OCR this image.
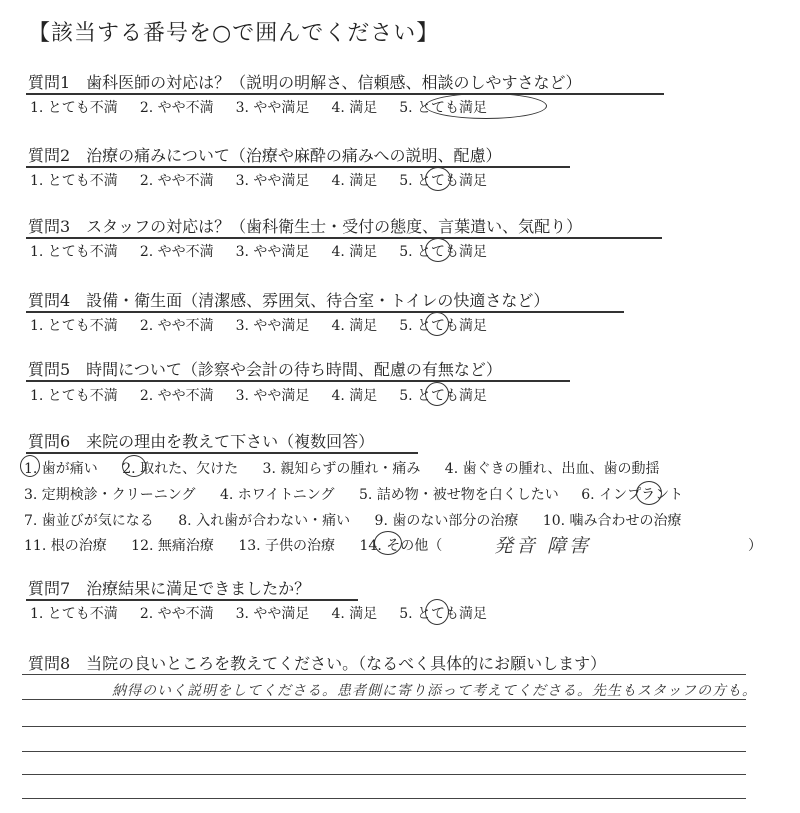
【該当する番号を○で囲んでください】
質問1　歯科医師の対応は？（説明の明解さ、信頼感、相談のしやすさなど）
1. とても不満 2. やや不満 3. やや満足 4. 満足 5. とても満足
質問2　治療の痛みについて（治療や麻酔の痛みへの説明、配慮）
1. とても不満 2. やや不満 3. やや満足 4. 満足 5. とても満足
質問3　スタッフの対応は？（歯科衛生士・受付の態度、言葉遣い、気配り）
1. とても不満 2. やや不満 3. やや満足 4. 満足 5. とても満足
質問4　設備・衛生面（清潔感、雰囲気、待合室・トイレの快適さなど）
1. とても不満 2. やや不満 3. やや満足 4. 満足 5. とても満足
質問5　時間について（診察や会計の待ち時間、配慮の有無など）
1. とても不満 2. やや不満 3. やや満足 4. 満足 5. とても満足
質問6　来院の理由を教えて下さい（複数回答）
1. 歯が痛い 2. 取れた、欠けた 3. 親知らずの腫れ・痛み 4. 歯ぐきの腫れ、出血、歯の動揺
3. 定期検診・クリーニング 4. ホワイトニング 5. 詰め物・被せ物を白くしたい 6. インプラント
7. 歯並びが気になる 8. 入れ歯が合わない・痛い 9. 歯のない部分の治療 10. 噛み合わせの治療
11. 根の治療 12. 無痛治療 13. 子供の治療 14. その他（	発音 障害	）
質問7　治療結果に満足できましたか？
1. とても不満 2. やや不満 3. やや満足 4. 満足 5. とても満足
質問8　当院の良いところを教えてください。（なるべく具体的にお願いします）
納得のいく説明をしてくださる。患者側に寄り添って考えてくださる。先生もスタッフの方も。
